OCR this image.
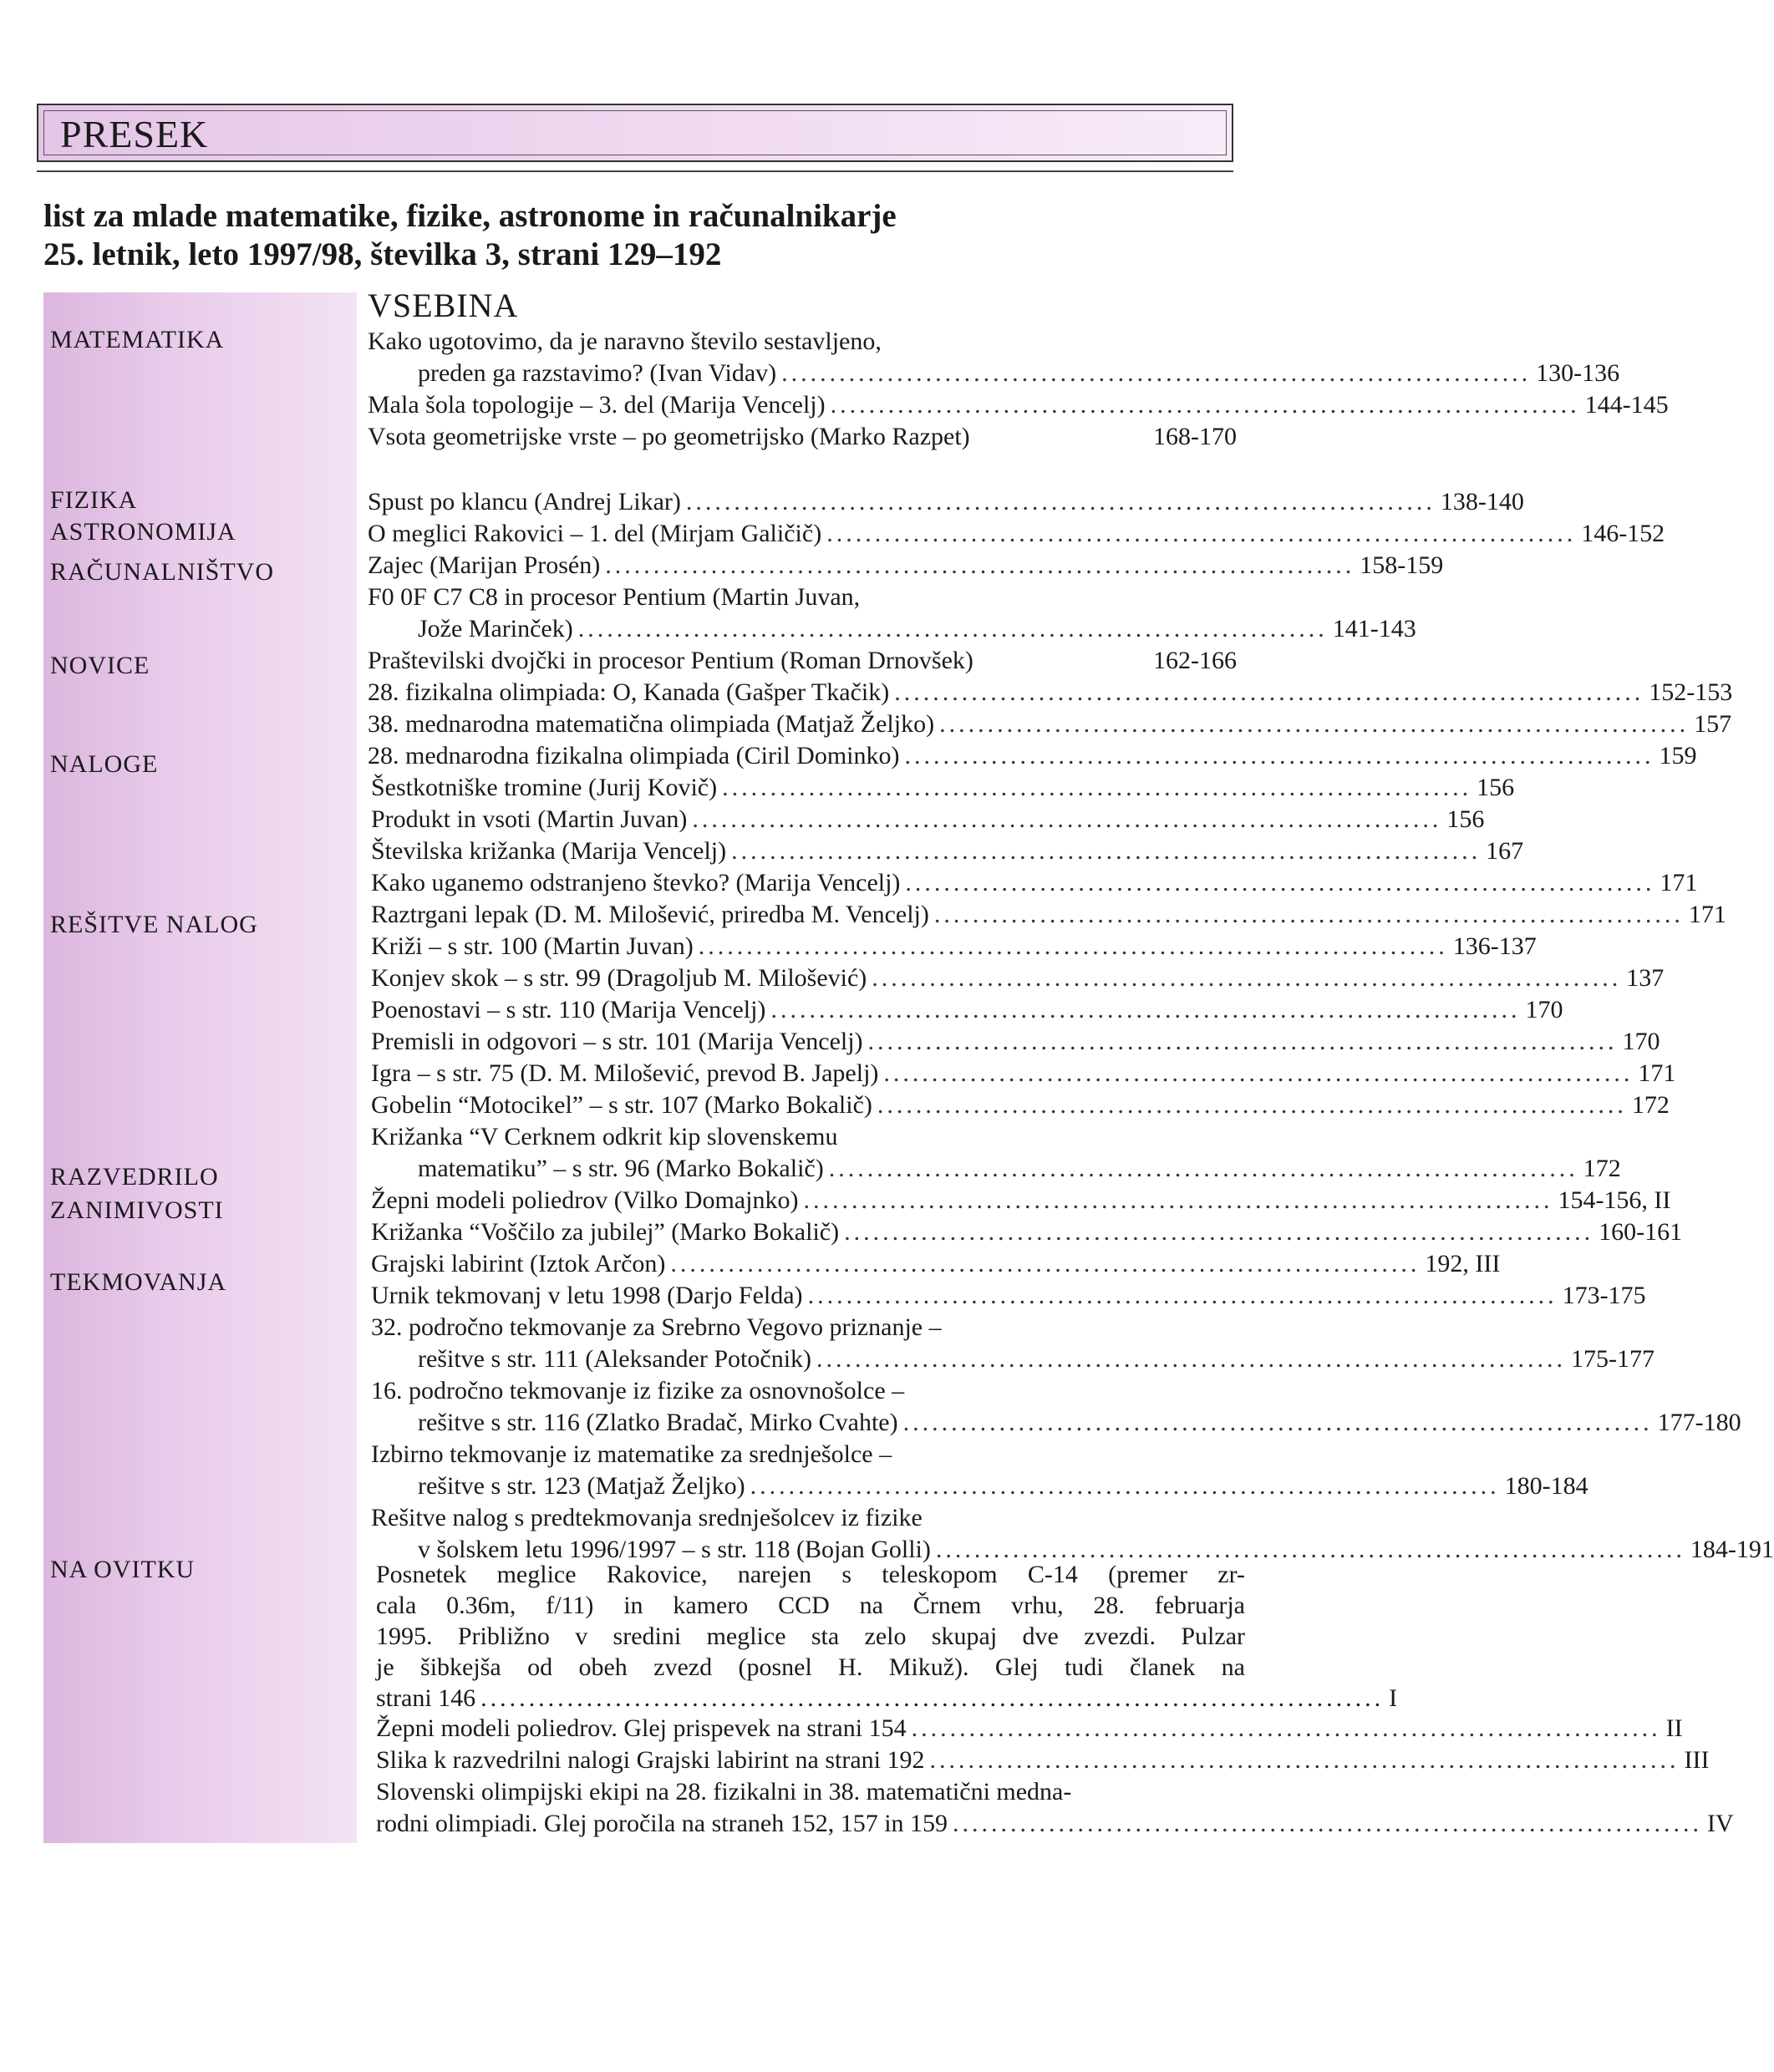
PRESEK
list za mlade matematike, fizike, astronome in računalnikarje
25. letnik, leto 1997/98, številka 3, strani 129–192
MATEMATIKA
FIZIKA
ASTRONOMIJA
RAČUNALNIŠTVO
NOVICE
NALOGE
REŠITVE NALOG
RAZVEDRILO
ZANIMIVOSTI
TEKMOVANJA
NA OVITKU
VSEBINA
Kako ugotovimo, da je naravno število sestavljeno,
preden ga razstavimo? (Ivan Vidav) .............................................................................. 130-136
Mala šola topologije – 3. del (Marija Vencelj) .............................................................................. 144-145
Vsota geometrijske vrste – po geometrijsko (Marko Razpet)	168-170
Spust po klancu (Andrej Likar) .............................................................................. 138-140
O meglici Rakovici – 1. del (Mirjam Galičič) .............................................................................. 146-152
Zajec (Marijan Prosén) .............................................................................. 158-159
F0 0F C7 C8 in procesor Pentium (Martin Juvan,
Jože Marinček) .............................................................................. 141-143
Praštevilski dvojčki in procesor Pentium (Roman Drnovšek)	162-166
28. fizikalna olimpiada: O, Kanada (Gašper Tkačik) .............................................................................. 152-153
38. mednarodna matematična olimpiada (Matjaž Željko) .............................................................................. 157
28. mednarodna fizikalna olimpiada (Ciril Dominko) .............................................................................. 159
Šestkotniške tromine (Jurij Kovič) .............................................................................. 156
Produkt in vsoti (Martin Juvan) .............................................................................. 156
Številska križanka (Marija Vencelj) .............................................................................. 167
Kako uganemo odstranjeno števko? (Marija Vencelj) .............................................................................. 171
Raztrgani lepak (D. M. Milošević, priredba M. Vencelj) .............................................................................. 171
Križi – s str. 100 (Martin Juvan) .............................................................................. 136-137
Konjev skok – s str. 99 (Dragoljub M. Milošević) .............................................................................. 137
Poenostavi – s str. 110 (Marija Vencelj) .............................................................................. 170
Premisli in odgovori – s str. 101 (Marija Vencelj) .............................................................................. 170
Igra – s str. 75 (D. M. Milošević, prevod B. Japelj) .............................................................................. 171
Gobelin “Motocikel” – s str. 107 (Marko Bokalič) .............................................................................. 172
Križanka “V Cerknem odkrit kip slovenskemu
matematiku” – s str. 96 (Marko Bokalič) .............................................................................. 172
Žepni modeli poliedrov (Vilko Domajnko) .............................................................................. 154-156, II
Križanka “Voščilo za jubilej” (Marko Bokalič) .............................................................................. 160-161
Grajski labirint (Iztok Arčon) .............................................................................. 192, III
Urnik tekmovanj v letu 1998 (Darjo Felda) .............................................................................. 173-175
32. področno tekmovanje za Srebrno Vegovo priznanje –
rešitve s str. 111 (Aleksander Potočnik) .............................................................................. 175-177
16. področno tekmovanje iz fizike za osnovnošolce –
rešitve s str. 116 (Zlatko Bradač, Mirko Cvahte) .............................................................................. 177-180
Izbirno tekmovanje iz matematike za srednješolce –
rešitve s str. 123 (Matjaž Željko) .............................................................................. 180-184
Rešitve nalog s predtekmovanja srednješolcev iz fizike
v šolskem letu 1996/1997 – s str. 118 (Bojan Golli) .............................................................................. 184-191
Posnetek meglice Rakovice, narejen s teleskopom C-14 (premer zr-
cala 0.36m, f/11) in kamero CCD na Črnem vrhu, 28. februarja
1995. Približno v sredini meglice sta zelo skupaj dve zvezdi. Pulzar
je šibkejša od obeh zvezd (posnel H. Mikuž). Glej tudi članek na
strani 146 .............................................................................................. I
Žepni modeli poliedrov. Glej prispevek na strani 154 .............................................................................. II
Slika k razvedrilni nalogi Grajski labirint na strani 192 .............................................................................. III
Slovenski olimpijski ekipi na 28. fizikalni in 38. matematični medna-
rodni olimpiadi. Glej poročila na straneh 152, 157 in 159 .............................................................................. IV
